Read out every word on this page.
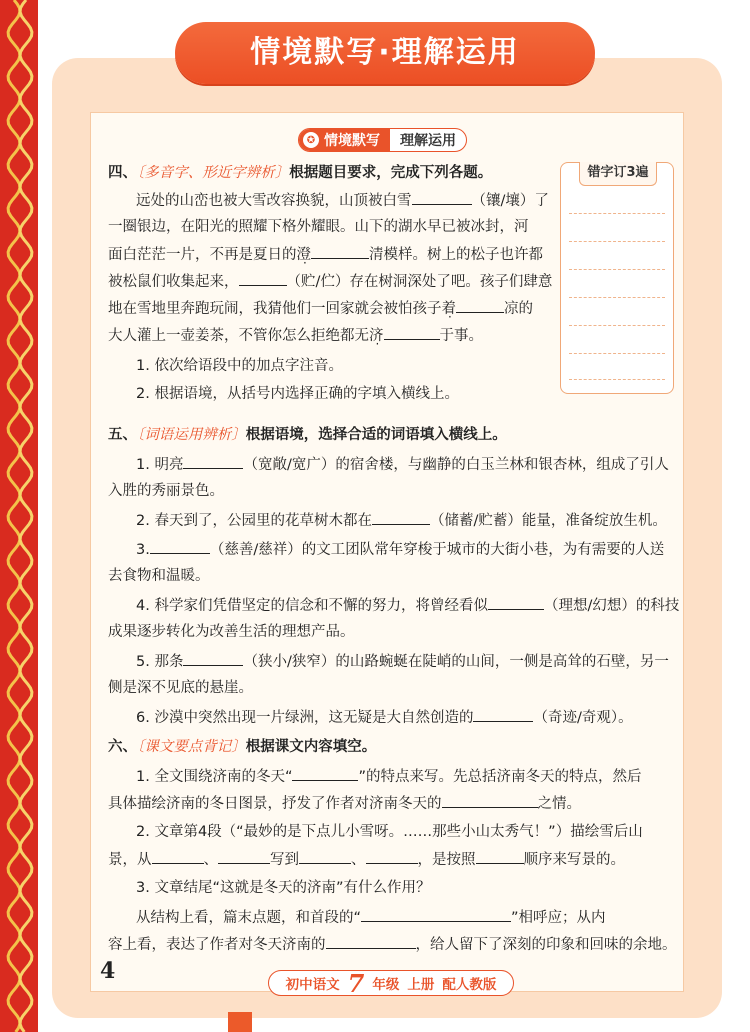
情境默写·理解运用
✪ 情境默写	理解运用
错字订3遍
四、〔多音字、形近字辨析〕根据题目要求，完成下列各题。
远处的山峦也被大雪改容换貌，山顶被白雪	（镶/壤）了
一圈银边，在阳光的照耀下格外耀眼。山下的湖水早已被冰封，河
面白茫茫一片，不再是夏日的澄	清模样。树上的松子也许都
被松鼠们收集起来，	（贮/伫）存在树洞深处了吧。孩子们肆意
地在雪地里奔跑玩闹，我猜他们一回家就会被怕孩子着	凉的
大人灌上一壶姜茶，不管你怎么拒绝都无济	于事。
1. 依次给语段中的加点字注音。
2. 根据语境，从括号内选择正确的字填入横线上。
五、〔词语运用辨析〕根据语境，选择合适的词语填入横线上。
1. 明亮	（宽敞/宽广）的宿舍楼，与幽静的白玉兰林和银杏林，组成了引人
入胜的秀丽景色。
2. 春天到了，公园里的花草树木都在	（储蓄/贮蓄）能量，准备绽放生机。
3.	（慈善/慈祥）的文工团队常年穿梭于城市的大街小巷，为有需要的人送
去食物和温暖。
4. 科学家们凭借坚定的信念和不懈的努力，将曾经看似	（理想/幻想）的科技
成果逐步转化为改善生活的理想产品。
5. 那条	（狭小/狭窄）的山路蜿蜒在陡峭的山间，一侧是高耸的石壁，另一
侧是深不见底的悬崖。
6. 沙漠中突然出现一片绿洲，这无疑是大自然创造的	（奇迹/奇观）。
六、〔课文要点背记〕根据课文内容填空。
1. 全文围绕济南的冬天“	”的特点来写。先总括济南冬天的特点，然后
具体描绘济南的冬日图景，抒发了作者对济南冬天的	之情。
2. 文章第4段（“最妙的是下点儿小雪呀。……那些小山太秀气！”）描绘雪后山
景，从	、	写到	、	，是按照	顺序来写景的。
3. 文章结尾“这就是冬天的济南”有什么作用？
从结构上看，篇末点题，和首段的“	”相呼应；从内
容上看，表达了作者对冬天济南的	，给人留下了深刻的印象和回味的余地。
4
初中语文 7 年级 上册 配人教版
